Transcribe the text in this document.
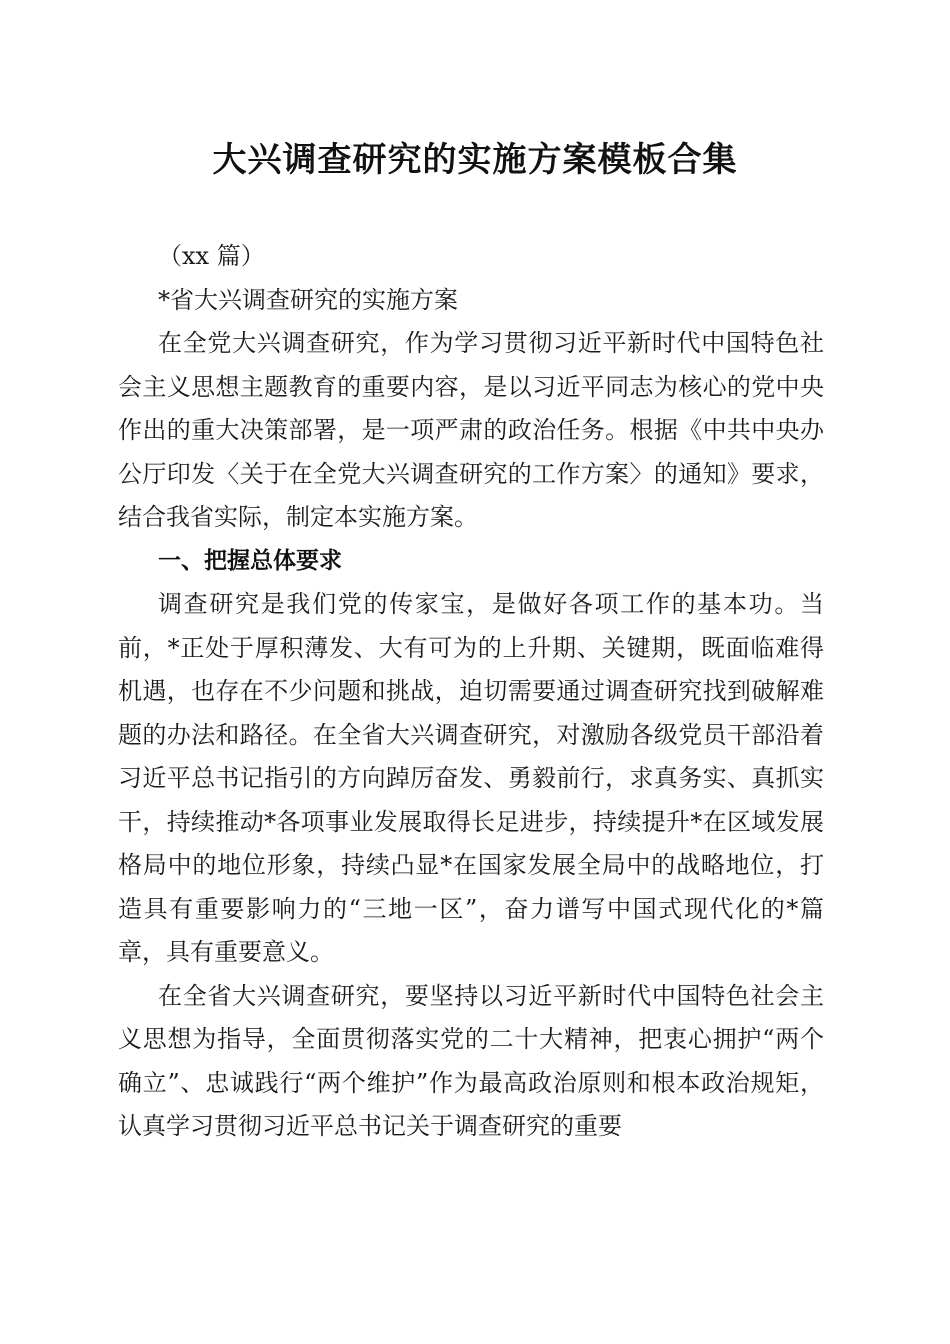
大兴调查研究的实施方案模板合集

（xx 篇）

*省大兴调查研究的实施方案

在全党大兴调查研究，作为学习贯彻习近平新时代中国特色社会主义思想主题教育的重要内容，是以习近平同志为核心的党中央作出的重大决策部署，是一项严肃的政治任务。根据《中共中央办公厅印发〈关于在全党大兴调查研究的工作方案〉的通知》要求，结合我省实际，制定本实施方案。

一、把握总体要求

调查研究是我们党的传家宝，是做好各项工作的基本功。当前，*正处于厚积薄发、大有可为的上升期、关键期，既面临难得机遇，也存在不少问题和挑战，迫切需要通过调查研究找到破解难题的办法和路径。在全省大兴调查研究，对激励各级党员干部沿着习近平总书记指引的方向踔厉奋发、勇毅前行，求真务实、真抓实干，持续推动*各项事业发展取得长足进步，持续提升*在区域发展格局中的地位形象，持续凸显*在国家发展全局中的战略地位，打造具有重要影响力的“三地一区”，奋力谱写中国式现代化的*篇章，具有重要意义。

在全省大兴调查研究，要坚持以习近平新时代中国特色社会主义思想为指导，全面贯彻落实党的二十大精神，把衷心拥护“两个确立”、忠诚践行“两个维护”作为最高政治原则和根本政治规矩，认真学习贯彻习近平总书记关于调查研究的重要
